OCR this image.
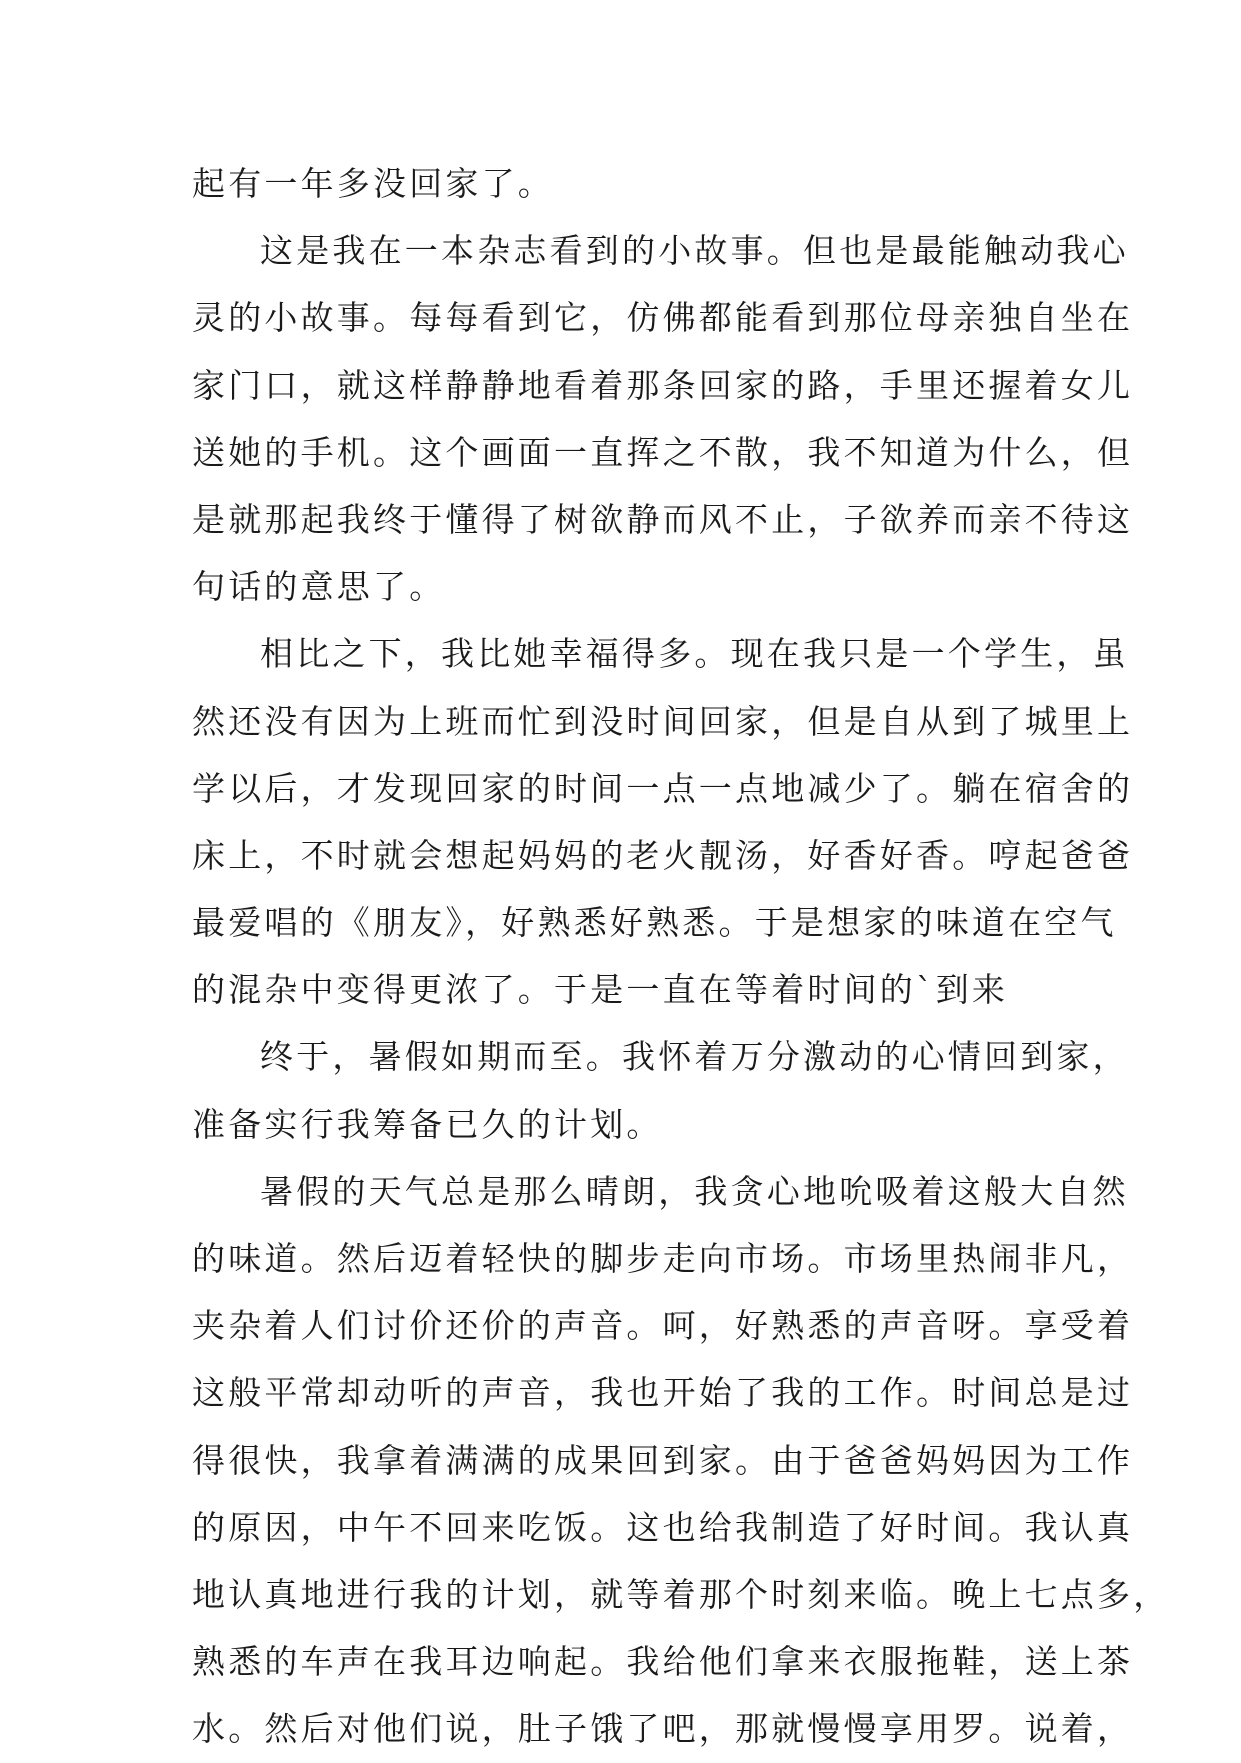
起有一年多没回家了。
这是我在一本杂志看到的小故事。但也是最能触动我心
灵的小故事。每每看到它，仿佛都能看到那位母亲独自坐在
家门口，就这样静静地看着那条回家的路，手里还握着女儿
送她的手机。这个画面一直挥之不散，我不知道为什么，但
是就那起我终于懂得了树欲静而风不止，子欲养而亲不待这
句话的意思了。
相比之下，我比她幸福得多。现在我只是一个学生，虽
然还没有因为上班而忙到没时间回家，但是自从到了城里上
学以后，才发现回家的时间一点一点地减少了。躺在宿舍的
床上，不时就会想起妈妈的老火靓汤，好香好香。哼起爸爸
最爱唱的《朋友》，好熟悉好熟悉。于是想家的味道在空气
的混杂中变得更浓了。于是一直在等着时间的`到来
终于，暑假如期而至。我怀着万分激动的心情回到家，
准备实行我筹备已久的计划。
暑假的天气总是那么晴朗，我贪心地吮吸着这般大自然
的味道。然后迈着轻快的脚步走向市场。市场里热闹非凡，
夹杂着人们讨价还价的声音。呵，好熟悉的声音呀。享受着
这般平常却动听的声音，我也开始了我的工作。时间总是过
得很快，我拿着满满的成果回到家。由于爸爸妈妈因为工作
的原因，中午不回来吃饭。这也给我制造了好时间。我认真
地认真地进行我的计划，就等着那个时刻来临。晚上七点多，
熟悉的车声在我耳边响起。我给他们拿来衣服拖鞋，送上茶
水。然后对他们说，肚子饿了吧，那就慢慢享用罗。说着，
